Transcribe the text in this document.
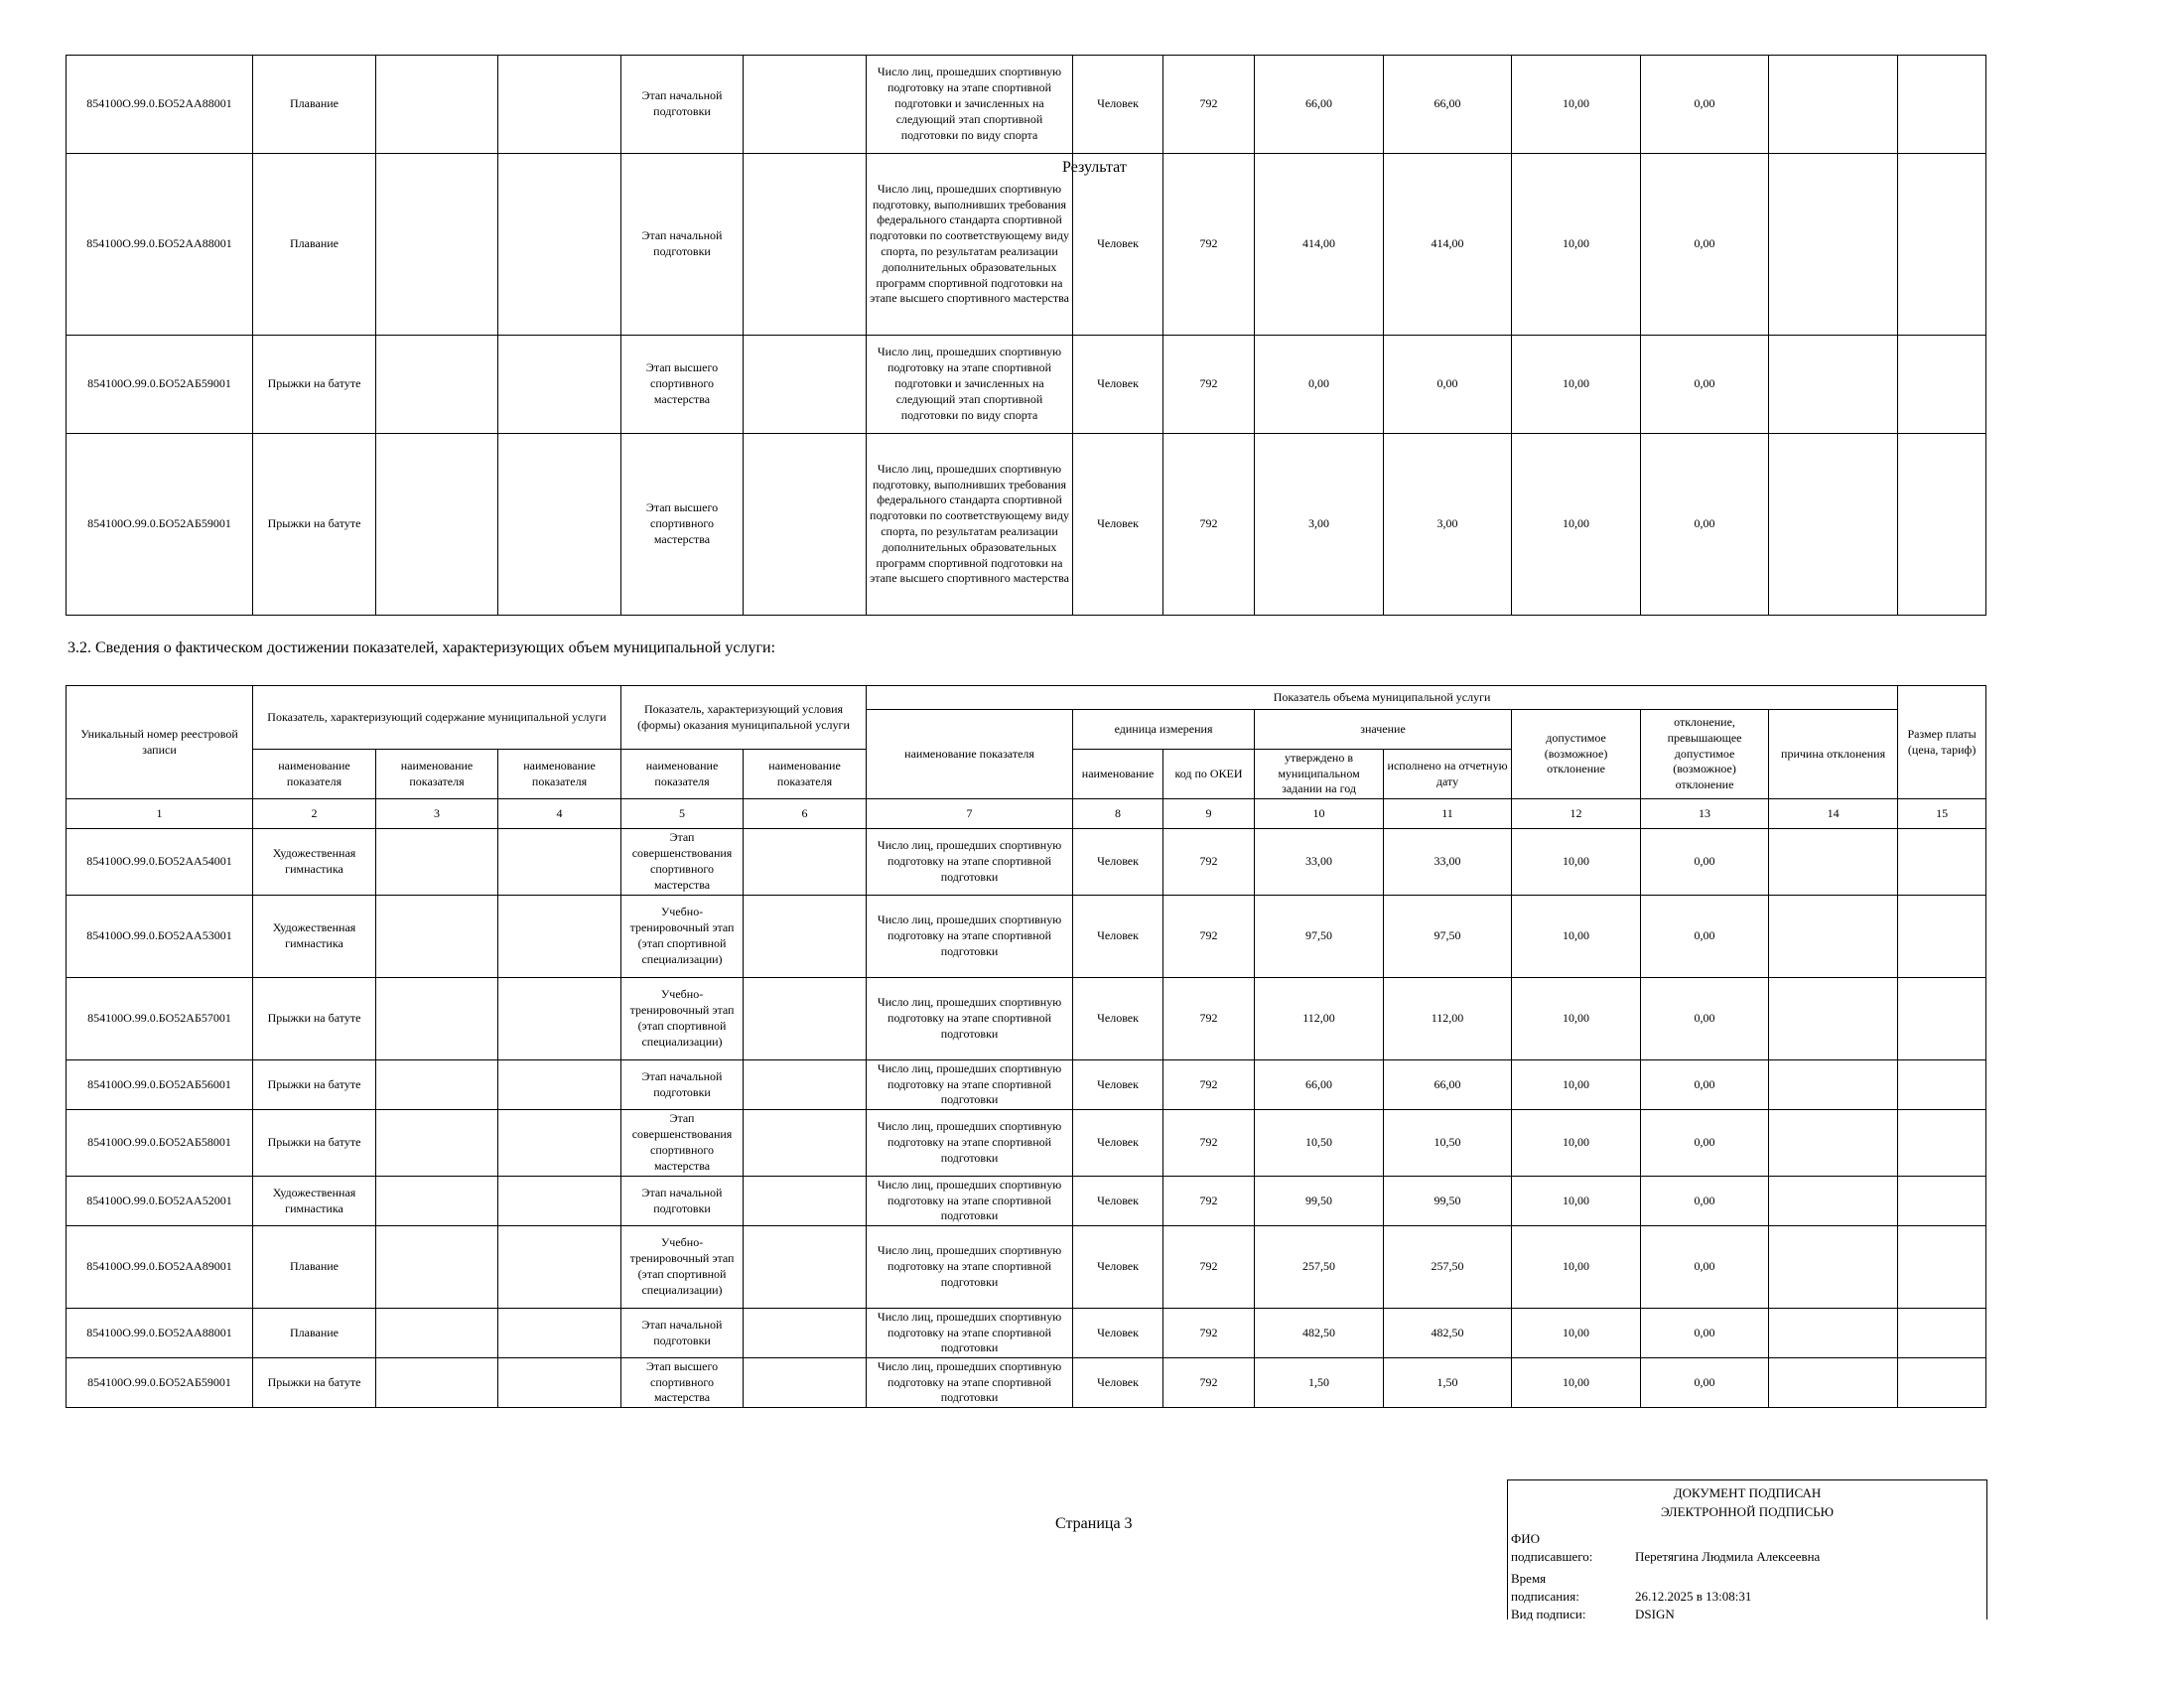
854100О.99.0.БО52АА88001	Плавание			Этап начальной подготовки		Число лиц, прошедших спортивную подготовку на этапе спортивной подготовки и зачисленных на следующий этап спортивной подготовки по виду спорта	Человек	792	66,00	66,00	10,00	0,00		
854100О.99.0.БО52АА88001	Плавание			Этап начальной подготовки		Число лиц, прошедших спортивную подготовку, выполнивших требования федерального стандарта спортивной подготовки по соответствующему виду спорта, по результатам реализации дополнительных образовательных программ спортивной подготовки на этапе высшего спортивного мастерства	Человек	792	414,00	414,00	10,00	0,00		
854100О.99.0.БО52АБ59001	Прыжки на батуте			Этап высшего спортивного мастерства		Число лиц, прошедших спортивную подготовку на этапе спортивной подготовки и зачисленных на следующий этап спортивной подготовки по виду спорта	Человек	792	0,00	0,00	10,00	0,00		
854100О.99.0.БО52АБ59001	Прыжки на батуте			Этап высшего спортивного мастерства		Число лиц, прошедших спортивную подготовку, выполнивших требования федерального стандарта спортивной подготовки по соответствующему виду спорта, по результатам реализации дополнительных образовательных программ спортивной подготовки на этапе высшего спортивного мастерства	Человек	792	3,00	3,00	10,00	0,00		
Результат
3.2. Сведения о фактическом достижении показателей, характеризующих объем муниципальной услуги:
Уникальный номер реестровой записи	Показатель, характеризующий содержание муниципальной услуги			Показатель, характеризующий условия (формы) оказания муниципальной услуги		Показатель объема муниципальной услуги								Размер платы (цена, тариф)
						наименование показателя	единица измерения		значение		допустимое (возможное) отклонение	отклонение, превышающее допустимое (возможное) отклонение	причина отклонения	
	наименование показателя	наименование показателя	наименование показателя	наименование показателя	наименование показателя		наименование	код по ОКЕИ	утверждено в муниципальном задании на год	исполнено на отчетную дату				
1	2	3	4	5	6	7	8	9	10	11	12	13	14	15
854100О.99.0.БО52АА54001	Художественная гимнастика			Этап совершенствования спортивного мастерства		Число лиц, прошедших спортивную подготовку на этапе спортивной подготовки	Человек	792	33,00	33,00	10,00	0,00		
854100О.99.0.БО52АА53001	Художественная гимнастика			Учебно-тренировочный этап (этап спортивной специализации)		Число лиц, прошедших спортивную подготовку на этапе спортивной подготовки	Человек	792	97,50	97,50	10,00	0,00		
854100О.99.0.БО52АБ57001	Прыжки на батуте			Учебно-тренировочный этап (этап спортивной специализации)		Число лиц, прошедших спортивную подготовку на этапе спортивной подготовки	Человек	792	112,00	112,00	10,00	0,00		
854100О.99.0.БО52АБ56001	Прыжки на батуте			Этап начальной подготовки		Число лиц, прошедших спортивную подготовку на этапе спортивной подготовки	Человек	792	66,00	66,00	10,00	0,00		
854100О.99.0.БО52АБ58001	Прыжки на батуте			Этап совершенствования спортивного мастерства		Число лиц, прошедших спортивную подготовку на этапе спортивной подготовки	Человек	792	10,50	10,50	10,00	0,00		
854100О.99.0.БО52АА52001	Художественная гимнастика			Этап начальной подготовки		Число лиц, прошедших спортивную подготовку на этапе спортивной подготовки	Человек	792	99,50	99,50	10,00	0,00		
854100О.99.0.БО52АА89001	Плавание			Учебно-тренировочный этап (этап спортивной специализации)		Число лиц, прошедших спортивную подготовку на этапе спортивной подготовки	Человек	792	257,50	257,50	10,00	0,00		
854100О.99.0.БО52АА88001	Плавание			Этап начальной подготовки		Число лиц, прошедших спортивную подготовку на этапе спортивной подготовки	Человек	792	482,50	482,50	10,00	0,00		
854100О.99.0.БО52АБ59001	Прыжки на батуте			Этап высшего спортивного мастерства		Число лиц, прошедших спортивную подготовку на этапе спортивной подготовки	Человек	792	1,50	1,50	10,00	0,00		
Страница 3
ДОКУМЕНТ ПОДПИСАН
ЭЛЕКТРОННОЙ ПОДПИСЬЮ
ФИО
подписавшего:	Перетягина Людмила Алексеевна
Время
подписания:	26.12.2025 в 13:08:31
Вид подписи:	DSIGN
